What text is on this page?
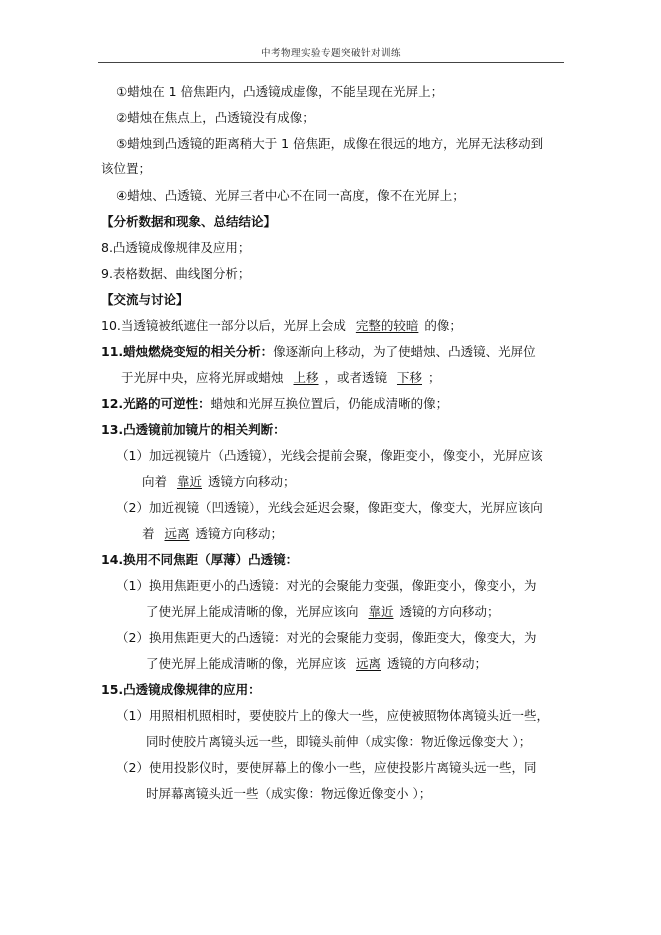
中考物理实验专题突破针对训练
①蜡烛在 1 倍焦距内，凸透镜成虚像，不能呈现在光屏上；
②蜡烛在焦点上，凸透镜没有成像；
⑤蜡烛到凸透镜的距离稍大于 1 倍焦距，成像在很远的地方，光屏无法移动到
该位置；
④蜡烛、凸透镜、光屏三者中心不在同一高度，像不在光屏上；
【分析数据和现象、总结结论】
8.凸透镜成像规律及应用；
9.表格数据、曲线图分析；
【交流与讨论】
10.当透镜被纸遮住一部分以后，光屏上会成 完整的较暗 的像；
11.蜡烛燃烧变短的相关分析：像逐渐向上移动，为了使蜡烛、凸透镜、光屏位
于光屏中央，应将光屏或蜡烛 上移 ，或者透镜 下移 ；
12.光路的可逆性：蜡烛和光屏互换位置后，仍能成清晰的像；
13.凸透镜前加镜片的相关判断：
（1）加远视镜片（凸透镜），光线会提前会聚，像距变小，像变小，光屏应该
向着 靠近 透镜方向移动；
（2）加近视镜（凹透镜），光线会延迟会聚，像距变大，像变大，光屏应该向
着 远离 透镜方向移动；
14.换用不同焦距（厚薄）凸透镜：
（1）换用焦距更小的凸透镜：对光的会聚能力变强，像距变小，像变小，为
了使光屏上能成清晰的像，光屏应该向 靠近 透镜的方向移动；
（2）换用焦距更大的凸透镜：对光的会聚能力变弱，像距变大，像变大，为
了使光屏上能成清晰的像，光屏应该 远离 透镜的方向移动；
15.凸透镜成像规律的应用：
（1）用照相机照相时，要使胶片上的像大一些，应使被照物体离镜头近一些，
同时使胶片离镜头远一些，即镜头前伸（成实像：物近像远像变大 ）；
（2）使用投影仪时，要使屏幕上的像小一些，应使投影片离镜头远一些，同
时屏幕离镜头近一些（成实像：物远像近像变小 ）；
